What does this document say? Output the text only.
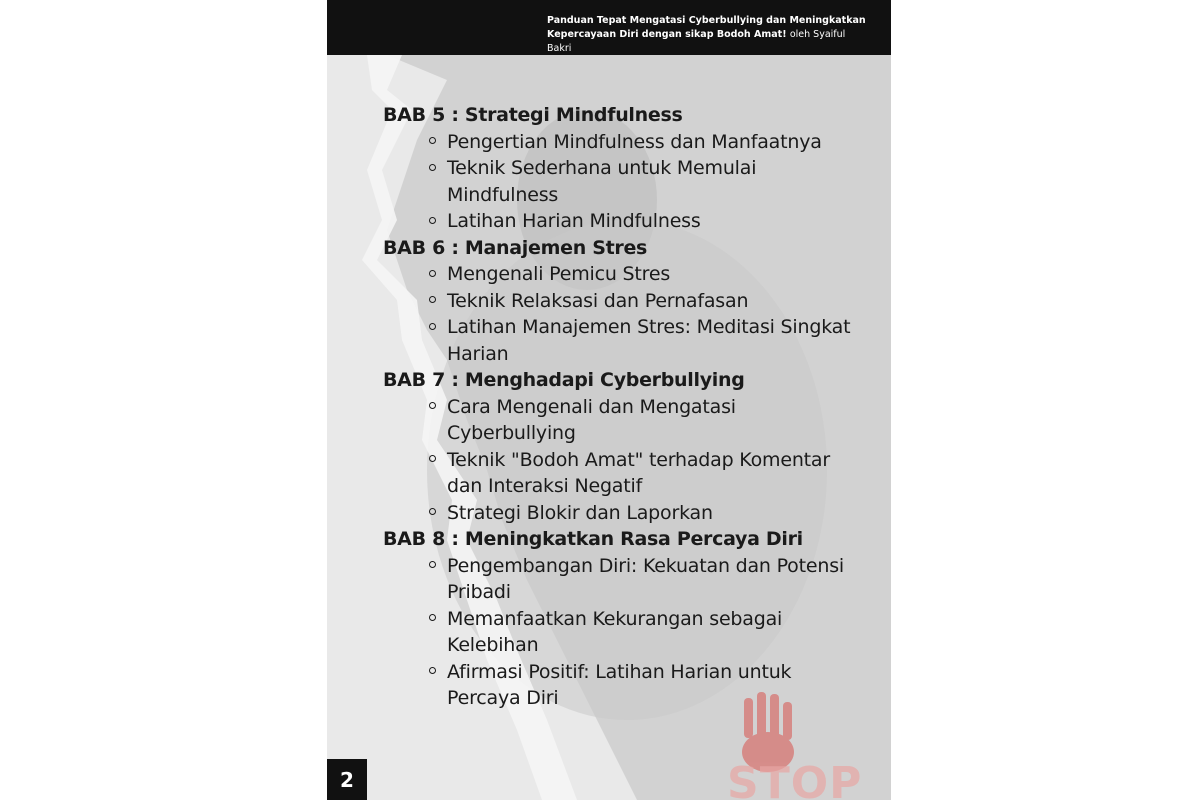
STOP
Panduan Tepat Mengatasi Cyberbullying dan Meningkatkan Kepercayaan Diri dengan sikap Bodoh Amat! oleh Syaiful Bakri
BAB 5 : Strategi Mindfulness
Pengertian Mindfulness dan Manfaatnya
Teknik Sederhana untuk Memulai Mindfulness
Latihan Harian Mindfulness
BAB 6 : Manajemen Stres
Mengenali Pemicu Stres
Teknik Relaksasi dan Pernafasan
Latihan Manajemen Stres: Meditasi Singkat Harian
BAB 7 : Menghadapi Cyberbullying
Cara Mengenali dan Mengatasi Cyberbullying
Teknik "Bodoh Amat" terhadap Komentar dan Interaksi Negatif
Strategi Blokir dan Laporkan
BAB 8 : Meningkatkan Rasa Percaya Diri
Pengembangan Diri: Kekuatan dan Potensi Pribadi
Memanfaatkan Kekurangan sebagai Kelebihan
Afirmasi Positif: Latihan Harian untuk Percaya Diri
2
